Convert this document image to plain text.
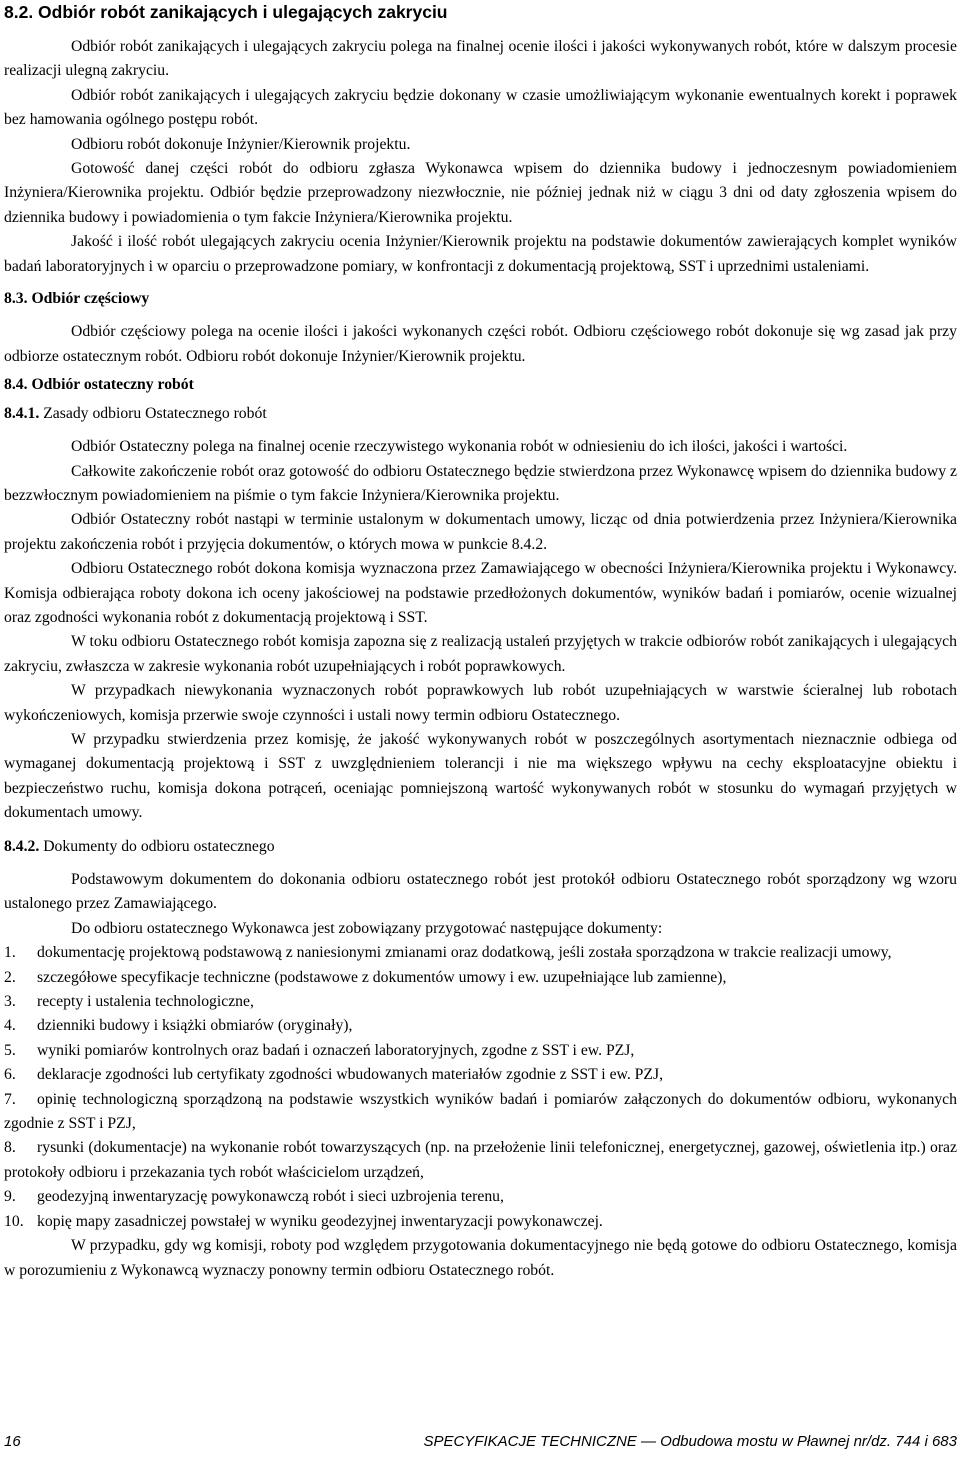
8.2. Odbiór robót zanikających i ulegających zakryciu

Odbiór robót zanikających i ulegających zakryciu polega na finalnej ocenie ilości i jakości wykonywanych robót, które w dalszym procesie realizacji ulegną zakryciu.

Odbiór robót zanikających i ulegających zakryciu będzie dokonany w czasie umożliwiającym wykonanie ewentualnych korekt i poprawek bez hamowania ogólnego postępu robót.

Odbioru robót dokonuje Inżynier/Kierownik projektu.

Gotowość danej części robót do odbioru zgłasza Wykonawca wpisem do dziennika budowy i jednoczesnym powiadomieniem Inżyniera/Kierownika projektu. Odbiór będzie przeprowadzony niezwłocznie, nie później jednak niż w ciągu 3 dni od daty zgłoszenia wpisem do dziennika budowy i powiadomienia o tym fakcie Inżyniera/Kierownika projektu.

Jakość i ilość robót ulegających zakryciu ocenia Inżynier/Kierownik projektu na podstawie dokumentów zawierających komplet wyników badań laboratoryjnych i w oparciu o przeprowadzone pomiary, w konfrontacji z dokumentacją projektową, SST i uprzednimi ustaleniami.

8.3. Odbiór częściowy

Odbiór częściowy polega na ocenie ilości i jakości wykonanych części robót. Odbioru częściowego robót dokonuje się wg zasad jak przy odbiorze ostatecznym robót. Odbioru robót dokonuje Inżynier/Kierownik projektu.

8.4. Odbiór ostateczny robót

8.4.1. Zasady odbioru Ostatecznego robót

Odbiór Ostateczny polega na finalnej ocenie rzeczywistego wykonania robót w odniesieniu do ich ilości, jakości i wartości.

Całkowite zakończenie robót oraz gotowość do odbioru Ostatecznego będzie stwierdzona przez Wykonawcę wpisem do dziennika budowy z bezzwłocznym powiadomieniem na piśmie o tym fakcie Inżyniera/Kierownika projektu.

Odbiór Ostateczny robót nastąpi w terminie ustalonym w dokumentach umowy, licząc od dnia potwierdzenia przez Inżyniera/Kierownika projektu zakończenia robót i przyjęcia dokumentów, o których mowa w punkcie 8.4.2.

Odbioru Ostatecznego robót dokona komisja wyznaczona przez Zamawiającego w obecności Inżyniera/Kierownika projektu i Wykonawcy. Komisja odbierająca roboty dokona ich oceny jakościowej na podstawie przedłożonych dokumentów, wyników badań i pomiarów, ocenie wizualnej oraz zgodności wykonania robót z dokumentacją projektową i SST.

W toku odbioru Ostatecznego robót komisja zapozna się z realizacją ustaleń przyjętych w trakcie odbiorów robót zanikających i ulegających zakryciu, zwłaszcza w zakresie wykonania robót uzupełniających i robót poprawkowych.

W przypadkach niewykonania wyznaczonych robót poprawkowych lub robót uzupełniających w warstwie ścieralnej lub robotach wykończeniowych, komisja przerwie swoje czynności i ustali nowy termin odbioru Ostatecznego.

W przypadku stwierdzenia przez komisję, że jakość wykonywanych robót w poszczególnych asortymentach nieznacznie odbiega od wymaganej dokumentacją projektową i SST z uwzględnieniem tolerancji i nie ma większego wpływu na cechy eksploatacyjne obiektu i bezpieczeństwo ruchu, komisja dokona potrąceń, oceniając pomniejszoną wartość wykonywanych robót w stosunku do wymagań przyjętych w dokumentach umowy.

8.4.2. Dokumenty do odbioru ostatecznego

Podstawowym dokumentem do dokonania odbioru ostatecznego robót jest protokół odbioru Ostatecznego robót sporządzony wg wzoru ustalonego przez Zamawiającego.

Do odbioru ostatecznego Wykonawca jest zobowiązany przygotować następujące dokumenty:

1. dokumentację projektową podstawową z naniesionymi zmianami oraz dodatkową, jeśli została sporządzona w trakcie realizacji umowy,
2. szczegółowe specyfikacje techniczne (podstawowe z dokumentów umowy i ew. uzupełniające lub zamienne),
3. recepty i ustalenia technologiczne,
4. dzienniki budowy i książki obmiarów (oryginały),
5. wyniki pomiarów kontrolnych oraz badań i oznaczeń laboratoryjnych, zgodne z SST i ew. PZJ,
6. deklaracje zgodności lub certyfikaty zgodności wbudowanych materiałów zgodnie z SST i ew. PZJ,
7. opinię technologiczną sporządzoną na podstawie wszystkich wyników badań i pomiarów załączonych do dokumentów odbioru, wykonanych zgodnie z SST i PZJ,
8. rysunki (dokumentacje) na wykonanie robót towarzyszących (np. na przełożenie linii telefonicznej, energetycznej, gazowej, oświetlenia itp.) oraz protokoły odbioru i przekazania tych robót właścicielom urządzeń,
9. geodezyjną inwentaryzację powykonawczą robót i sieci uzbrojenia terenu,
10. kopię mapy zasadniczej powstałej w wyniku geodezyjnej inwentaryzacji powykonawczej.

W przypadku, gdy wg komisji, roboty pod względem przygotowania dokumentacyjnego nie będą gotowe do odbioru Ostatecznego, komisja w porozumieniu z Wykonawcą wyznaczy ponowny termin odbioru Ostatecznego robót.

16	SPECYFIKACJE TECHNICZNE — Odbudowa mostu w Pławnej nr/dz. 744 i 683
